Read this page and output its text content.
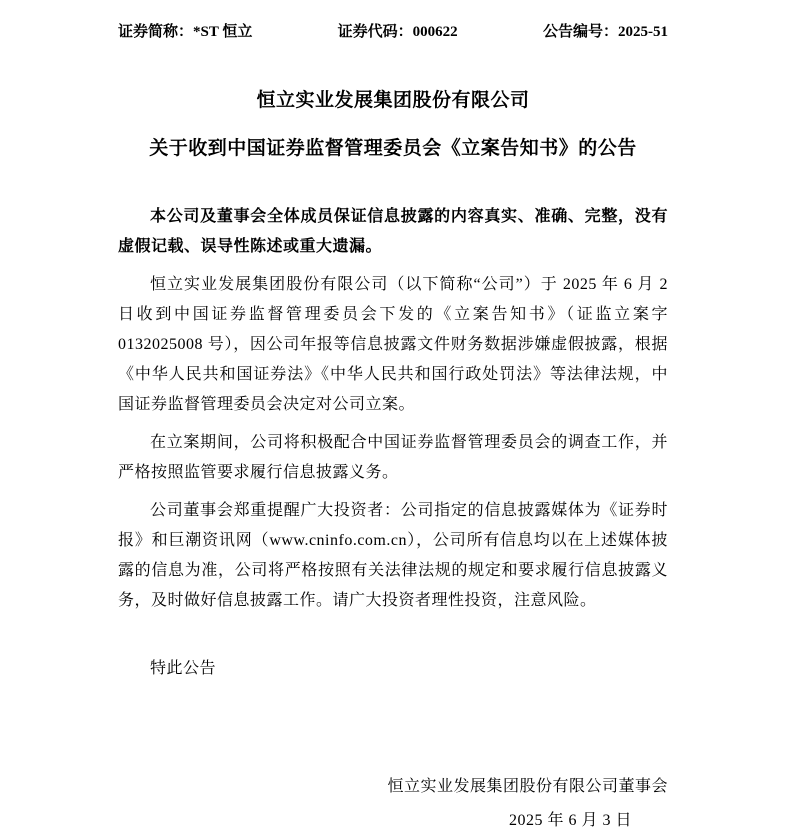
证券简称：*ST 恒立	证券代码：000622	公告编号：2025-51
恒立实业发展集团股份有限公司
关于收到中国证券监督管理委员会《立案告知书》的公告

本公司及董事会全体成员保证信息披露的内容真实、准确、完整，没有虚假记载、误导性陈述或重大遗漏。

恒立实业发展集团股份有限公司（以下简称“公司”）于 2025 年 6 月 2 日收到中国证券监督管理委员会下发的《立案告知书》（证监立案字 0132025008 号），因公司年报等信息披露文件财务数据涉嫌虚假披露，根据《中华人民共和国证券法》《中华人民共和国行政处罚法》等法律法规，中国证券监督管理委员会决定对公司立案。

在立案期间，公司将积极配合中国证券监督管理委员会的调查工作，并严格按照监管要求履行信息披露义务。

公司董事会郑重提醒广大投资者：公司指定的信息披露媒体为《证券时报》和巨潮资讯网（www.cninfo.com.cn），公司所有信息均以在上述媒体披露的信息为准，公司将严格按照有关法律法规的规定和要求履行信息披露义务，及时做好信息披露工作。请广大投资者理性投资，注意风险。

特此公告

恒立实业发展集团股份有限公司董事会

2025 年 6 月 3 日
